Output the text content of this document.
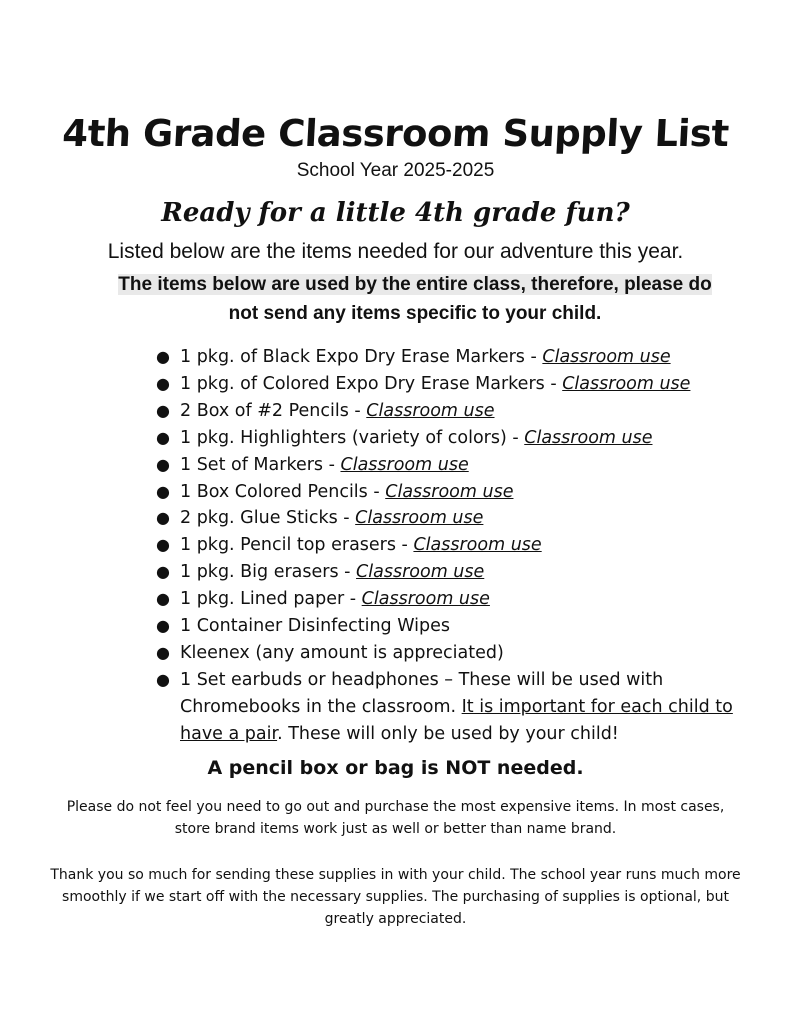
4th Grade Classroom Supply List
School Year 2025-2025
Ready for a little 4th grade fun?
Listed below are the items needed for our adventure this year.
The items below are used by the entire class, therefore, please do
not send any items specific to your child.
● 1 pkg. of Black Expo Dry Erase Markers - Classroom use
● 1 pkg. of Colored Expo Dry Erase Markers - Classroom use
● 2 Box of #2 Pencils - Classroom use
● 1 pkg. Highlighters (variety of colors) - Classroom use
● 1 Set of Markers - Classroom use
● 1 Box Colored Pencils - Classroom use
● 2 pkg. Glue Sticks - Classroom use
● 1 pkg. Pencil top erasers - Classroom use
● 1 pkg. Big erasers - Classroom use
● 1 pkg. Lined paper - Classroom use
● 1 Container Disinfecting Wipes
● Kleenex (any amount is appreciated)
● 1 Set earbuds or headphones – These will be used with Chromebooks in the classroom. It is important for each child to have a pair. These will only be used by your child!
A pencil box or bag is NOT needed.
Please do not feel you need to go out and purchase the most expensive items. In most cases, store brand items work just as well or better than name brand.
Thank you so much for sending these supplies in with your child. The school year runs much more smoothly if we start off with the necessary supplies. The purchasing of supplies is optional, but greatly appreciated.
